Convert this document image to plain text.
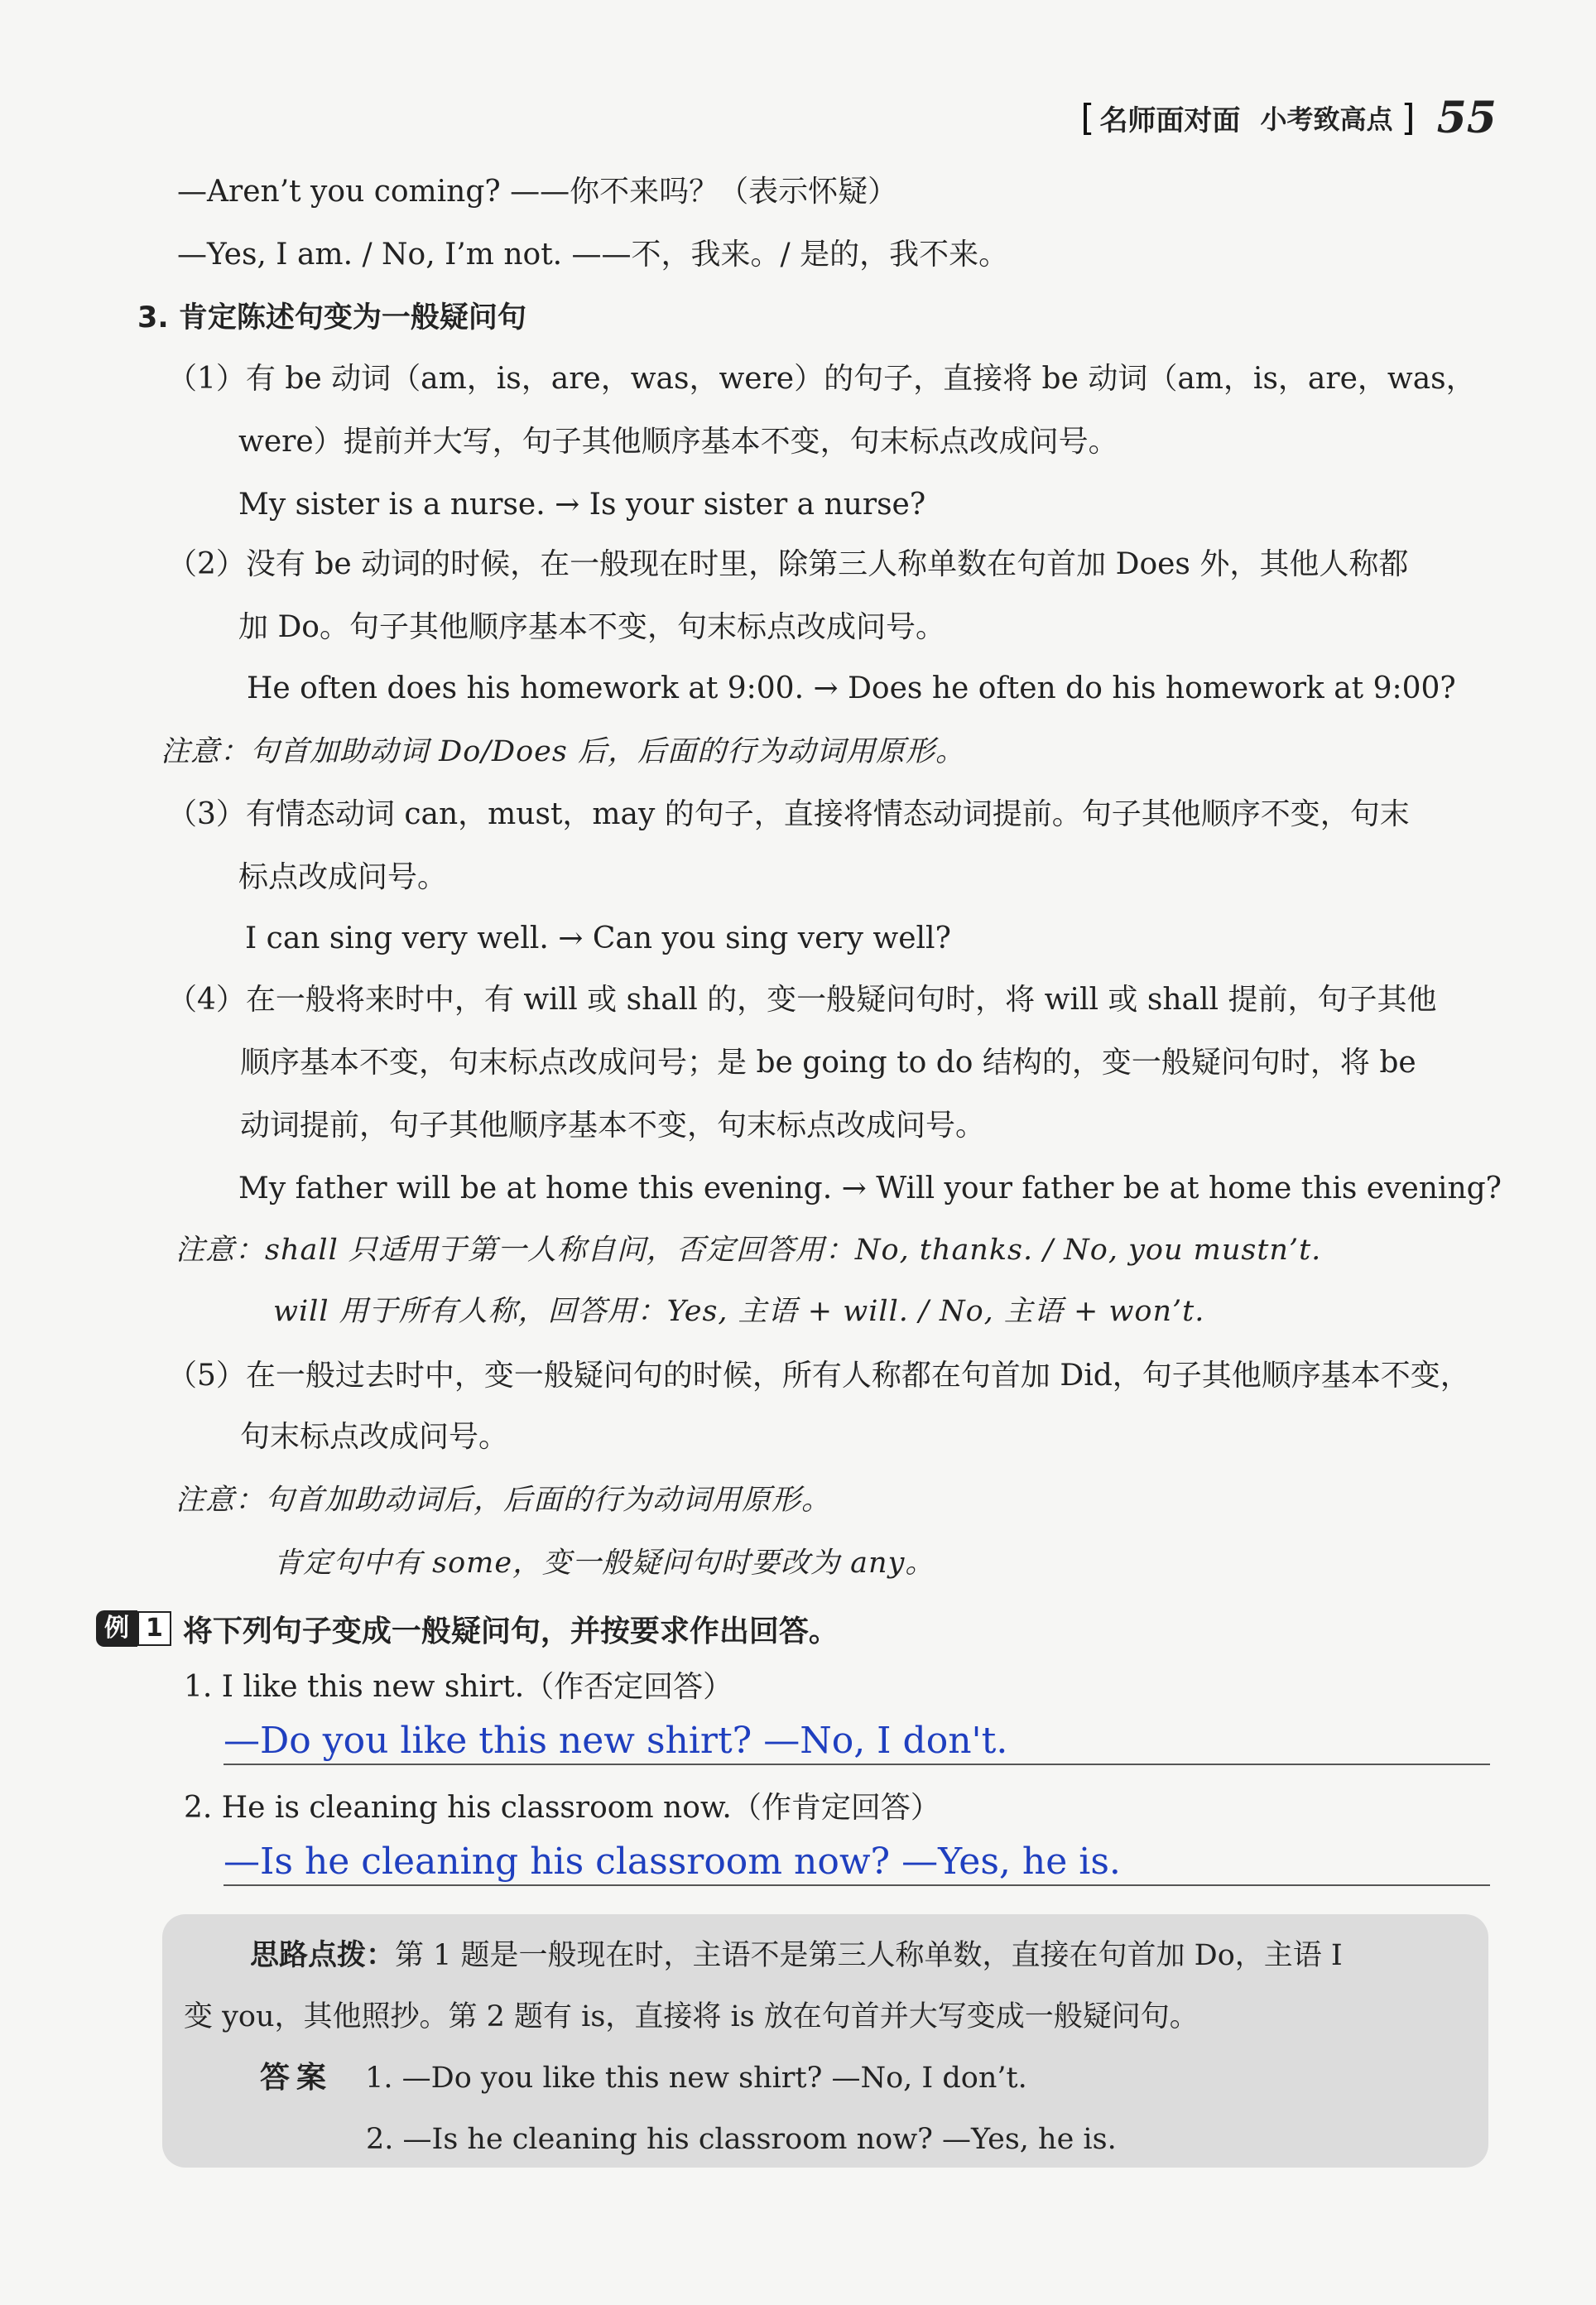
[ 名师面对面 小考致高点 ] 55
—Aren’t you coming? ——你不来吗？（表示怀疑）
—Yes, I am. / No, I’m not. ——不，我来。/ 是的，我不来。
3. 肯定陈述句变为一般疑问句
（1）有 be 动词（am，is，are，was，were）的句子，直接将 be 动词（am，is，are，was，
were）提前并大写，句子其他顺序基本不变，句末标点改成问号。
My sister is a nurse. → Is your sister a nurse?
（2）没有 be 动词的时候，在一般现在时里，除第三人称单数在句首加 Does 外，其他人称都
加 Do。句子其他顺序基本不变，句末标点改成问号。
He often does his homework at 9:00. → Does he often do his homework at 9:00?
注意：句首加助动词 Do/Does 后，后面的行为动词用原形。
（3）有情态动词 can，must，may 的句子，直接将情态动词提前。句子其他顺序不变，句末
标点改成问号。
I can sing very well. → Can you sing very well?
（4）在一般将来时中，有 will 或 shall 的，变一般疑问句时，将 will 或 shall 提前，句子其他
顺序基本不变，句末标点改成问号；是 be going to do 结构的，变一般疑问句时，将 be
动词提前，句子其他顺序基本不变，句末标点改成问号。
My father will be at home this evening. → Will your father be at home this evening?
注意：shall 只适用于第一人称自问，否定回答用：No, thanks. / No, you mustn’t.
will 用于所有人称，回答用：Yes, 主语 + will. / No, 主语 + won’t.
（5）在一般过去时中，变一般疑问句的时候，所有人称都在句首加 Did，句子其他顺序基本不变，
句末标点改成问号。
注意：句首加助动词后，后面的行为动词用原形。
肯定句中有 some，变一般疑问句时要改为 any。
例 1 将下列句子变成一般疑问句，并按要求作出回答。
1. I like this new shirt.（作否定回答）
—Do you like this new shirt? —No, I don't.
2. He is cleaning his classroom now.（作肯定回答）
—Is he cleaning his classroom now? —Yes, he is.
思路点拨：第 1 题是一般现在时，主语不是第三人称单数，直接在句首加 Do，主语 I
变 you，其他照抄。第 2 题有 is，直接将 is 放在句首并大写变成一般疑问句。
答案 1. —Do you like this new shirt? —No, I don’t.
2. —Is he cleaning his classroom now? —Yes, he is.
